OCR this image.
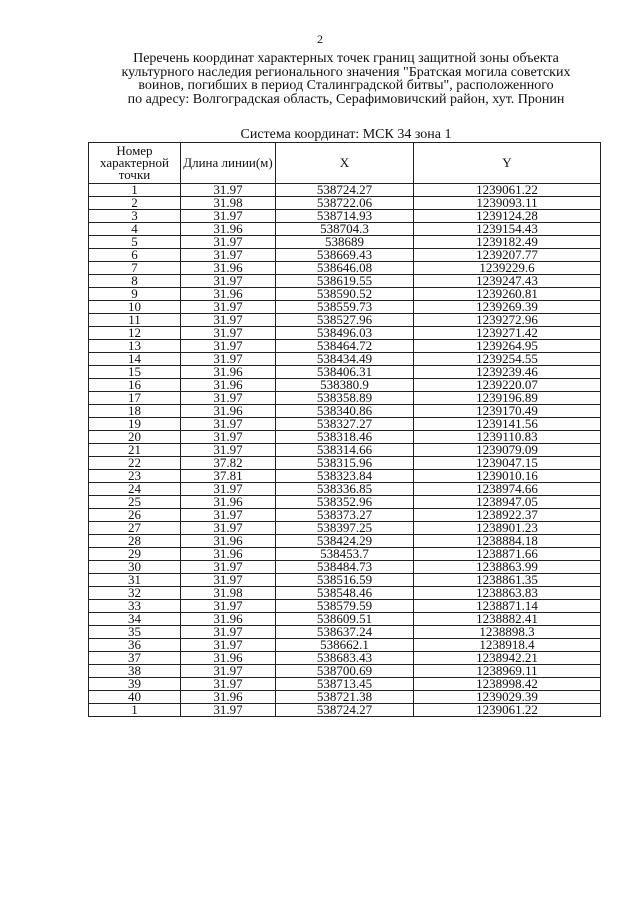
2
Перечень координат характерных точек границ защитной зоны объекта
культурного наследия регионального значения "Братская могила советских
воинов, погибших в период Сталинградской битвы", расположенного
по адресу: Волгоградская область, Серафимовичский район, хут. Пронин
Система координат: МСК 34 зона 1
Номер характерной точки	Длина линии(м)	X	Y
1	31.97	538724.27	1239061.22
2	31.98	538722.06	1239093.11
3	31.97	538714.93	1239124.28
4	31.96	538704.3	1239154.43
5	31.97	538689	1239182.49
6	31.97	538669.43	1239207.77
7	31.96	538646.08	1239229.6
8	31.97	538619.55	1239247.43
9	31.96	538590.52	1239260.81
10	31.97	538559.73	1239269.39
11	31.97	538527.96	1239272.96
12	31.97	538496.03	1239271.42
13	31.97	538464.72	1239264.95
14	31.97	538434.49	1239254.55
15	31.96	538406.31	1239239.46
16	31.96	538380.9	1239220.07
17	31.97	538358.89	1239196.89
18	31.96	538340.86	1239170.49
19	31.97	538327.27	1239141.56
20	31.97	538318.46	1239110.83
21	31.97	538314.66	1239079.09
22	37.82	538315.96	1239047.15
23	37.81	538323.84	1239010.16
24	31.97	538336.85	1238974.66
25	31.96	538352.96	1238947.05
26	31.97	538373.27	1238922.37
27	31.97	538397.25	1238901.23
28	31.96	538424.29	1238884.18
29	31.96	538453.7	1238871.66
30	31.97	538484.73	1238863.99
31	31.97	538516.59	1238861.35
32	31.98	538548.46	1238863.83
33	31.97	538579.59	1238871.14
34	31.96	538609.51	1238882.41
35	31.97	538637.24	1238898.3
36	31.97	538662.1	1238918.4
37	31.96	538683.43	1238942.21
38	31.97	538700.69	1238969.11
39	31.97	538713.45	1238998.42
40	31.96	538721.38	1239029.39
1	31.97	538724.27	1239061.22
